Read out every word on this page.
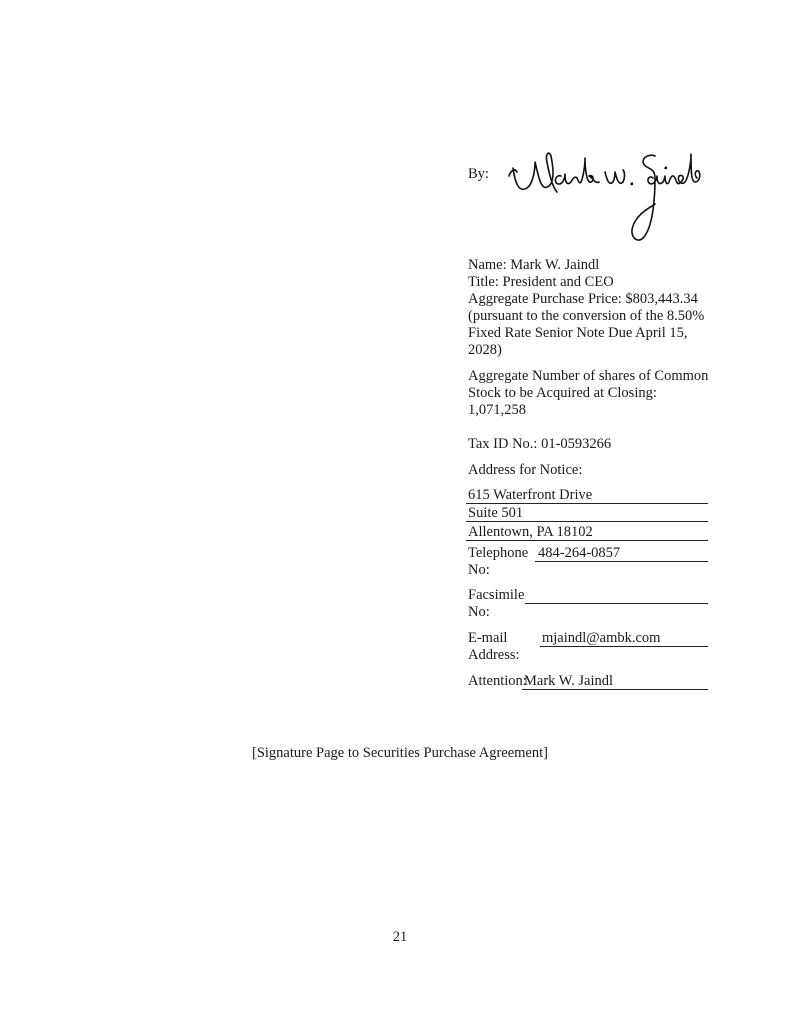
By:
Name: Mark W. Jaindl
Title: President and CEO
Aggregate Purchase Price: $803,443.34
(pursuant to the conversion of the 8.50%
Fixed Rate Senior Note Due April 15,
2028)
Aggregate Number of shares of Common
Stock to be Acquired at Closing:
1,071,258
Tax ID No.: 01-0593266
Address for Notice:
615 Waterfront Drive
Suite 501
Allentown, PA 18102
Telephone
No:
484-264-0857
Facsimile
No:
E-mail
Address:
mjaindl@ambk.com
Attention:
Mark W. Jaindl
[Signature Page to Securities Purchase Agreement]
21
